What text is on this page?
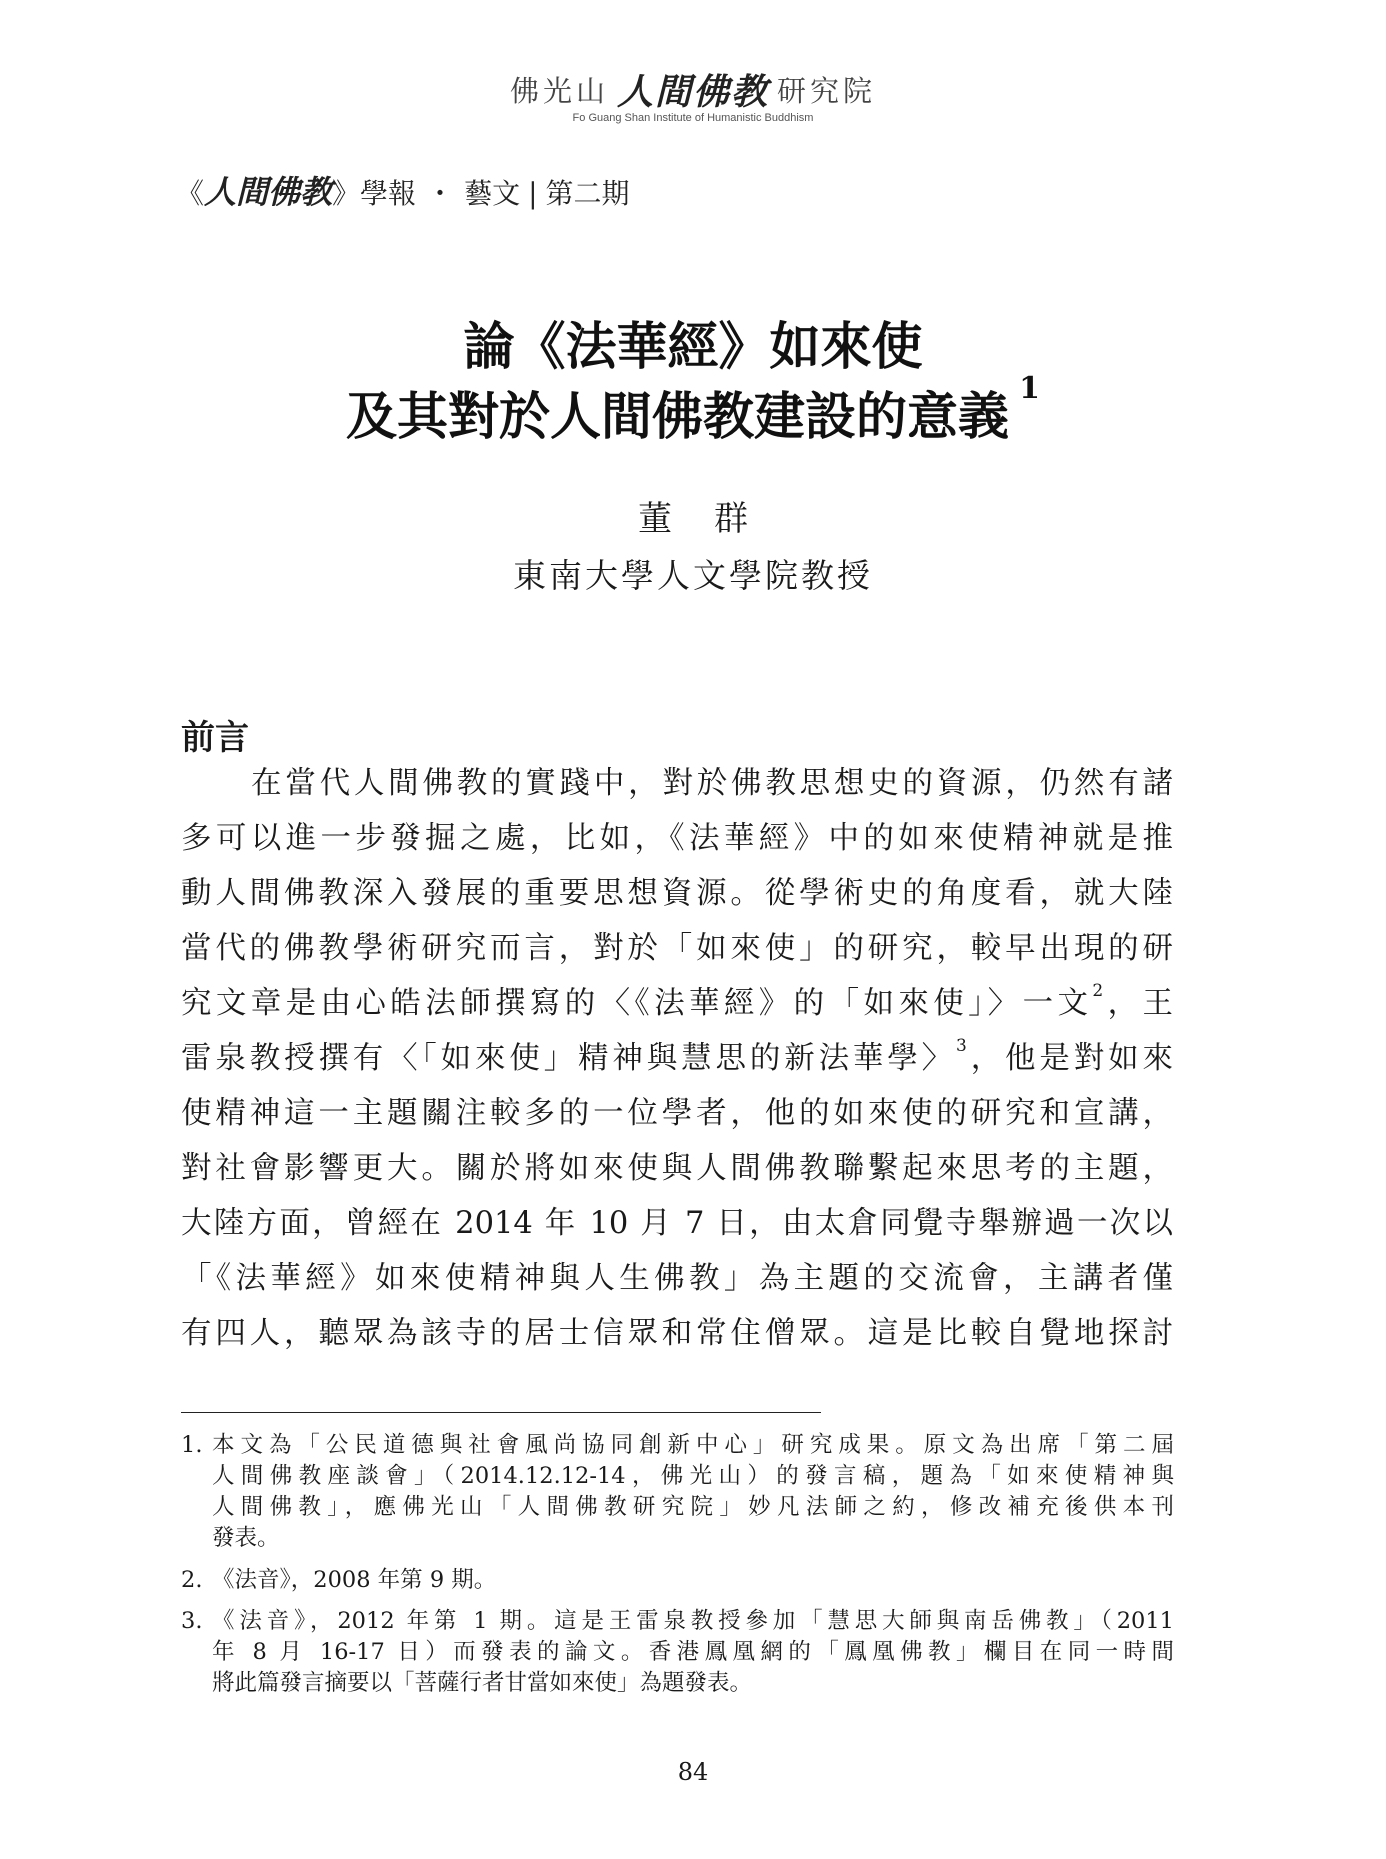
佛光山 人間佛教 研究院
Fo Guang Shan Institute of Humanistic Buddhism
《人間佛教》學報 ・ 藝文 | 第二期
論《法華經》如來使
及其對於人間佛教建設的意義 $^1$
董群
東南大學人文學院教授
前言
在當代人間佛教的實踐中，對於佛教思想史的資源，仍然有諸
多可以進一步發掘之處，比如，《法華經》中的如來使精神就是推
動人間佛教深入發展的重要思想資源。從學術史的角度看，就大陸
當代的佛教學術研究而言，對於「如來使」的研究，較早出現的研
究文章是由心皓法師撰寫的〈《法華經》的「如來使」〉一文$^2$，王
雷泉教授撰有〈「如來使」精神與慧思的新法華學〉$^3$，他是對如來
使精神這一主題關注較多的一位學者，他的如來使的研究和宣講，
對社會影響更大。關於將如來使與人間佛教聯繫起來思考的主題，
大陸方面，曾經在 2014 年 10 月 7 日，由太倉同覺寺舉辦過一次以
「《法華經》如來使精神與人生佛教」為主題的交流會，主講者僅
有四人，聽眾為該寺的居士信眾和常住僧眾。這是比較自覺地探討
1. 本文為「公民道德與社會風尚協同創新中心」研究成果。原文為出席「第二屆
人間佛教座談會」（2014.12.12-14，佛光山）的發言稿，題為「如來使精神與
人間佛教」，應佛光山「人間佛教研究院」妙凡法師之約，修改補充後供本刊
發表。
2. 《法音》，2008 年第 9 期。
3. 《法音》，2012 年第 1 期。這是王雷泉教授參加「慧思大師與南岳佛教」（2011
年 8 月 16-17 日）而發表的論文。香港鳳凰網的「鳳凰佛教」欄目在同一時間
將此篇發言摘要以「菩薩行者甘當如來使」為題發表。
84
